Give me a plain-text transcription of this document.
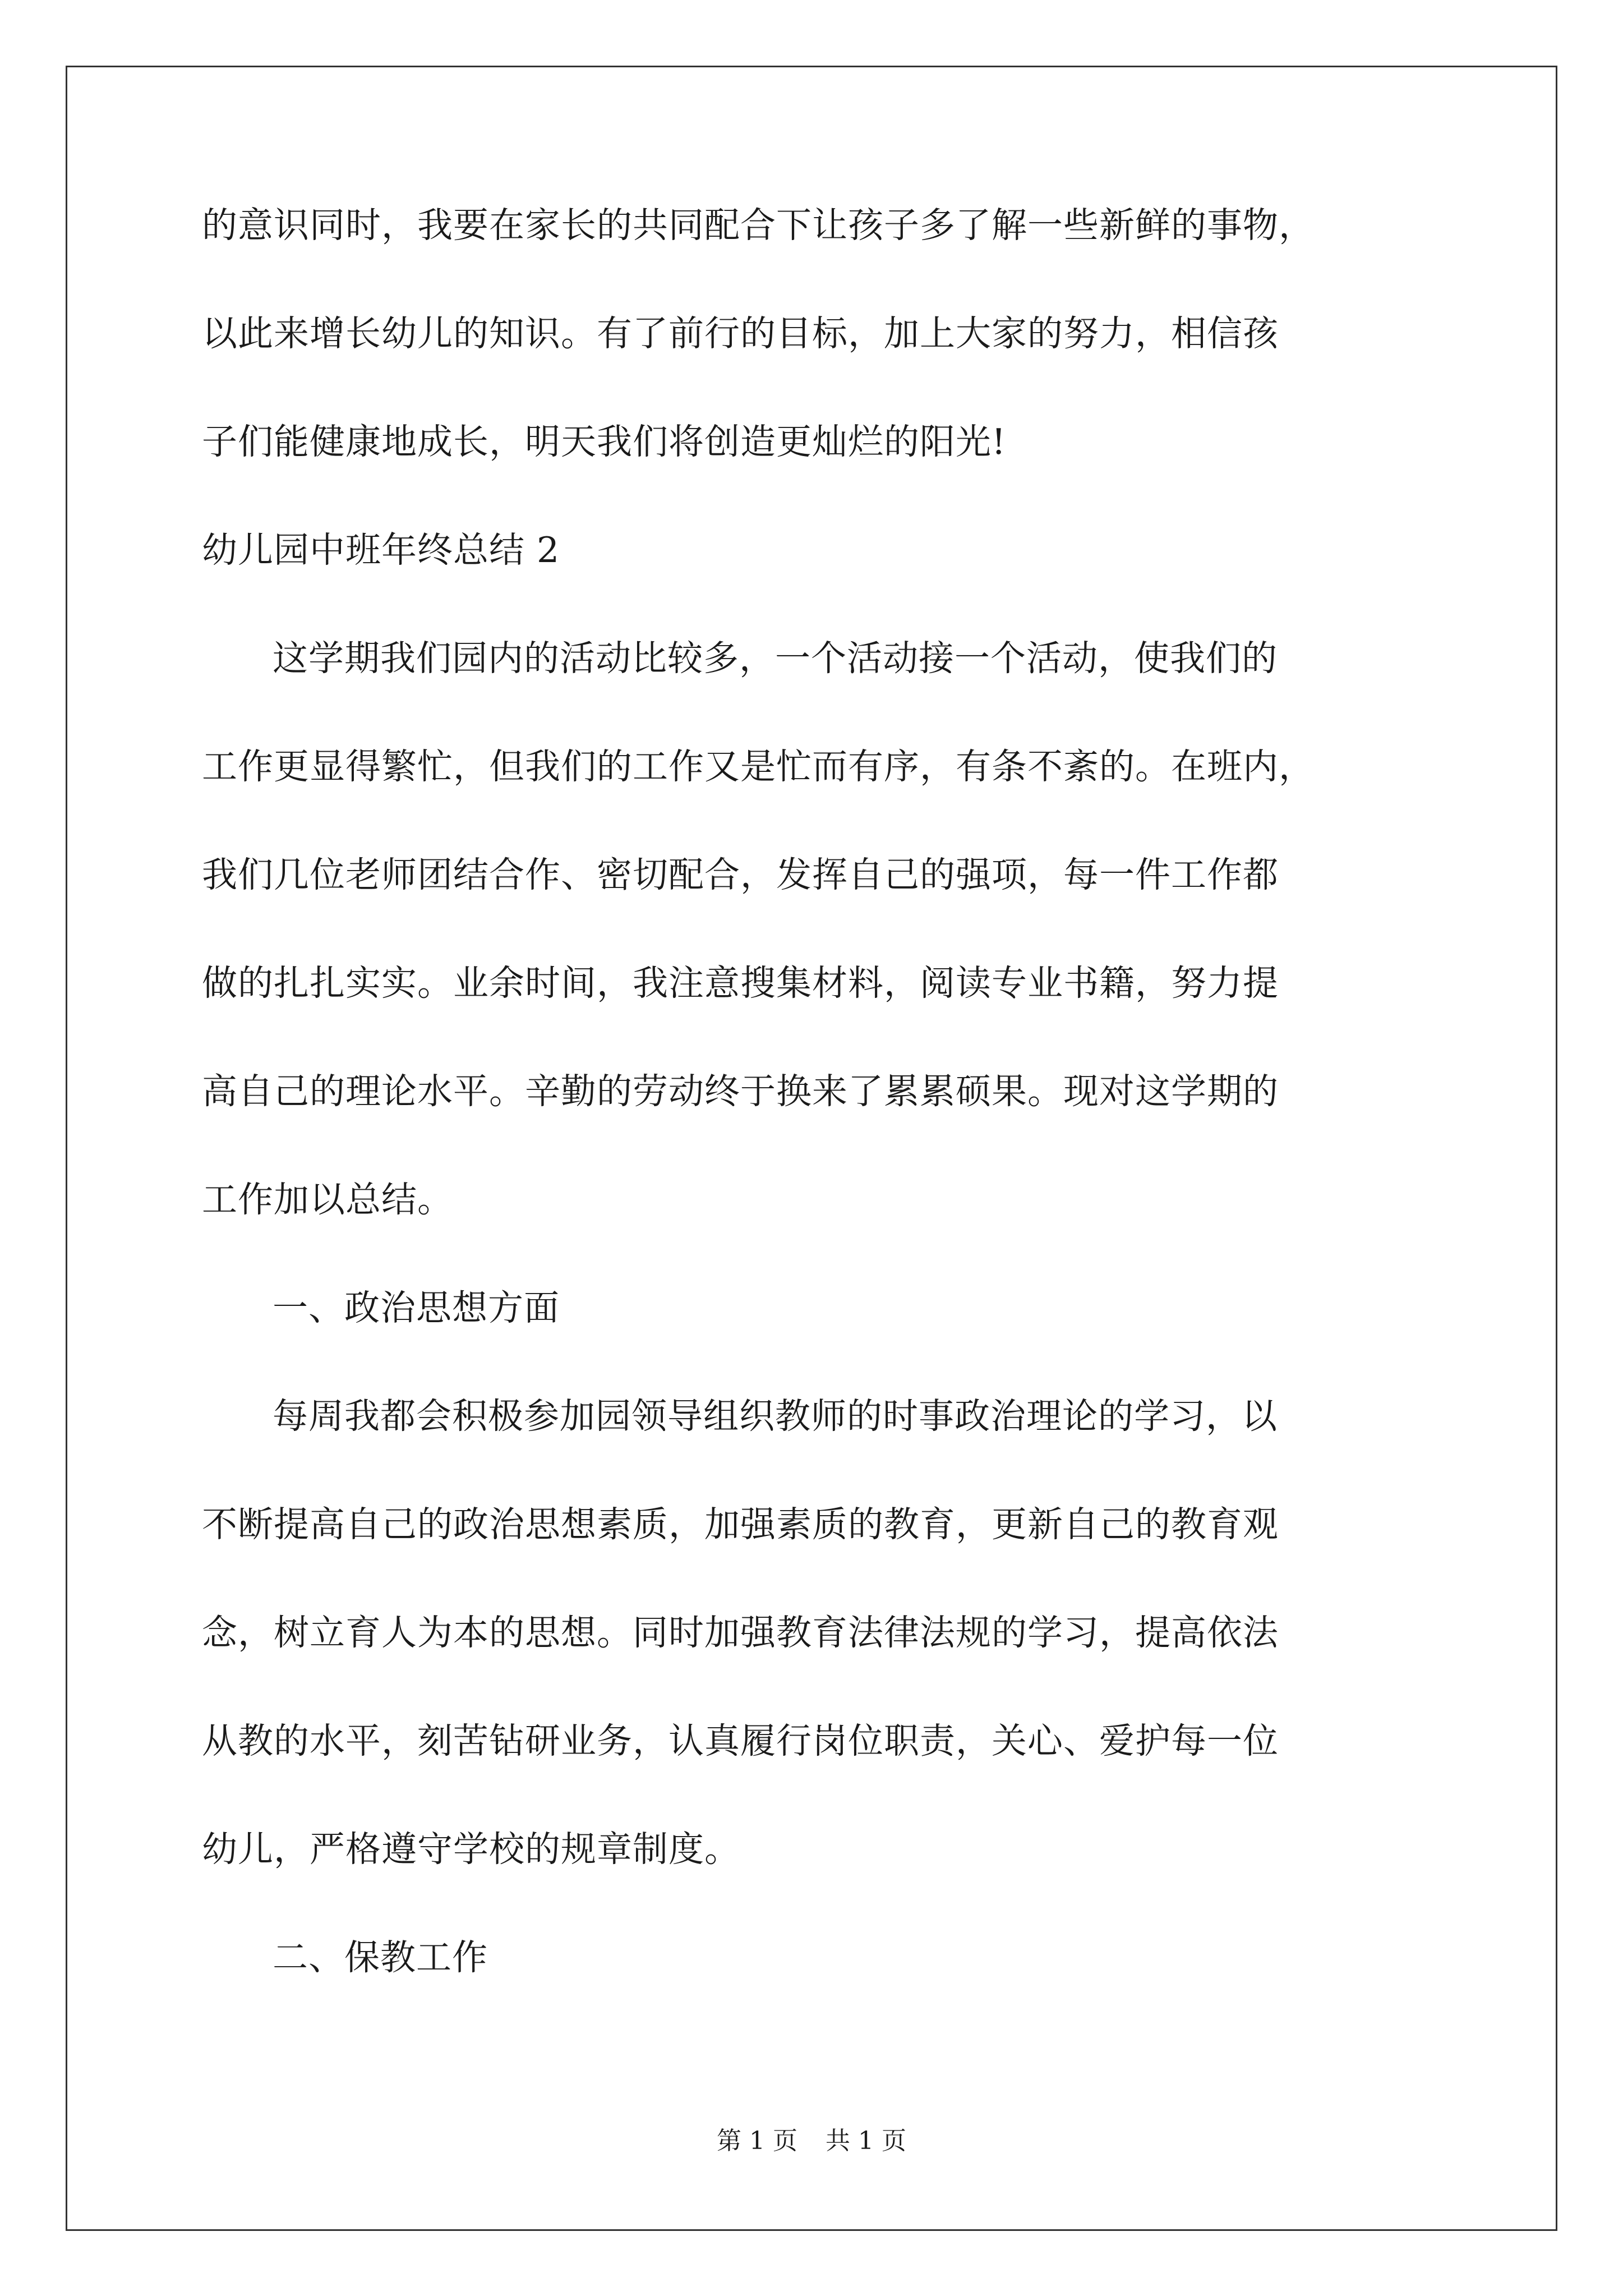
的意识同时，我要在家长的共同配合下让孩子多了解一些新鲜的事物，
以此来增长幼儿的知识。有了前行的目标，加上大家的努力，相信孩
子们能健康地成长，明天我们将创造更灿烂的阳光!
幼儿园中班年终总结 2
这学期我们园内的活动比较多，一个活动接一个活动，使我们的
工作更显得繁忙，但我们的工作又是忙而有序，有条不紊的。在班内，
我们几位老师团结合作、密切配合，发挥自己的强项，每一件工作都
做的扎扎实实。业余时间，我注意搜集材料，阅读专业书籍，努力提
高自己的理论水平。辛勤的劳动终于换来了累累硕果。现对这学期的
工作加以总结。
一、政治思想方面
每周我都会积极参加园领导组织教师的时事政治理论的学习，以
不断提高自己的政治思想素质，加强素质的教育，更新自己的教育观
念，树立育人为本的思想。同时加强教育法律法规的学习，提高依法
从教的水平，刻苦钻研业务，认真履行岗位职责，关心、爱护每一位
幼儿，严格遵守学校的规章制度。
二、保教工作
第 1 页 共 1 页
